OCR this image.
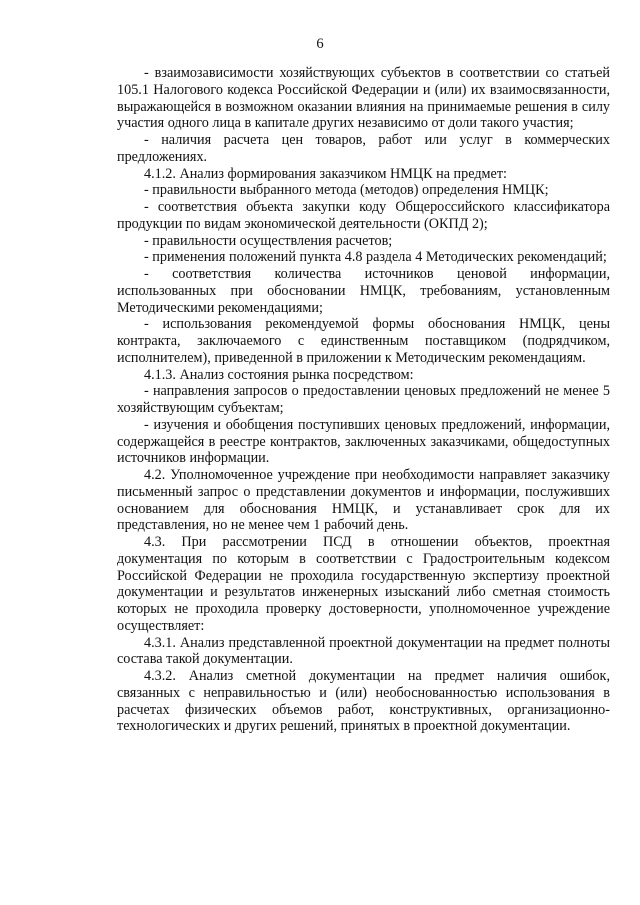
6

- взаимозависимости хозяйствующих субъектов в соответствии со статьей 105.1 Налогового кодекса Российской Федерации и (или) их взаимосвязанности, выражающейся в возможном оказании влияния на принимаемые решения в силу участия одного лица в капитале других независимо от доли такого участия;

- наличия расчета цен товаров, работ или услуг в коммерческих предложениях.

4.1.2. Анализ формирования заказчиком НМЦК на предмет:

- правильности выбранного метода (методов) определения НМЦК;

- соответствия объекта закупки коду Общероссийского классификатора продукции по видам экономической деятельности (ОКПД 2);

- правильности осуществления расчетов;

- применения положений пункта 4.8 раздела 4 Методических рекомендаций;

- соответствия количества источников ценовой информации, использованных при обосновании НМЦК, требованиям, установленным Методическими рекомендациями;

- использования рекомендуемой формы обоснования НМЦК, цены контракта, заключаемого с единственным поставщиком (подрядчиком, исполнителем), приведенной в приложении к Методическим рекомендациям.

4.1.3. Анализ состояния рынка посредством:

- направления запросов о предоставлении ценовых предложений не менее 5 хозяйствующим субъектам;

- изучения и обобщения поступивших ценовых предложений, информации, содержащейся в реестре контрактов, заключенных заказчиками, общедоступных источников информации.

4.2. Уполномоченное учреждение при необходимости направляет заказчику письменный запрос о представлении документов и информации, послуживших основанием для обоснования НМЦК, и устанавливает срок для их представления, но не менее чем 1 рабочий день.

4.3. При рассмотрении ПСД в отношении объектов, проектная документация по которым в соответствии с Градостроительным кодексом Российской Федерации не проходила государственную экспертизу проектной документации и результатов инженерных изысканий либо сметная стоимость которых не проходила проверку достоверности, уполномоченное учреждение осуществляет:

4.3.1. Анализ представленной проектной документации на предмет полноты состава такой документации.

4.3.2. Анализ сметной документации на предмет наличия ошибок, связанных с неправильностью и (или) необоснованностью использования в расчетах физических объемов работ, конструктивных, организационно-технологических и других решений, принятых в проектной документации.
